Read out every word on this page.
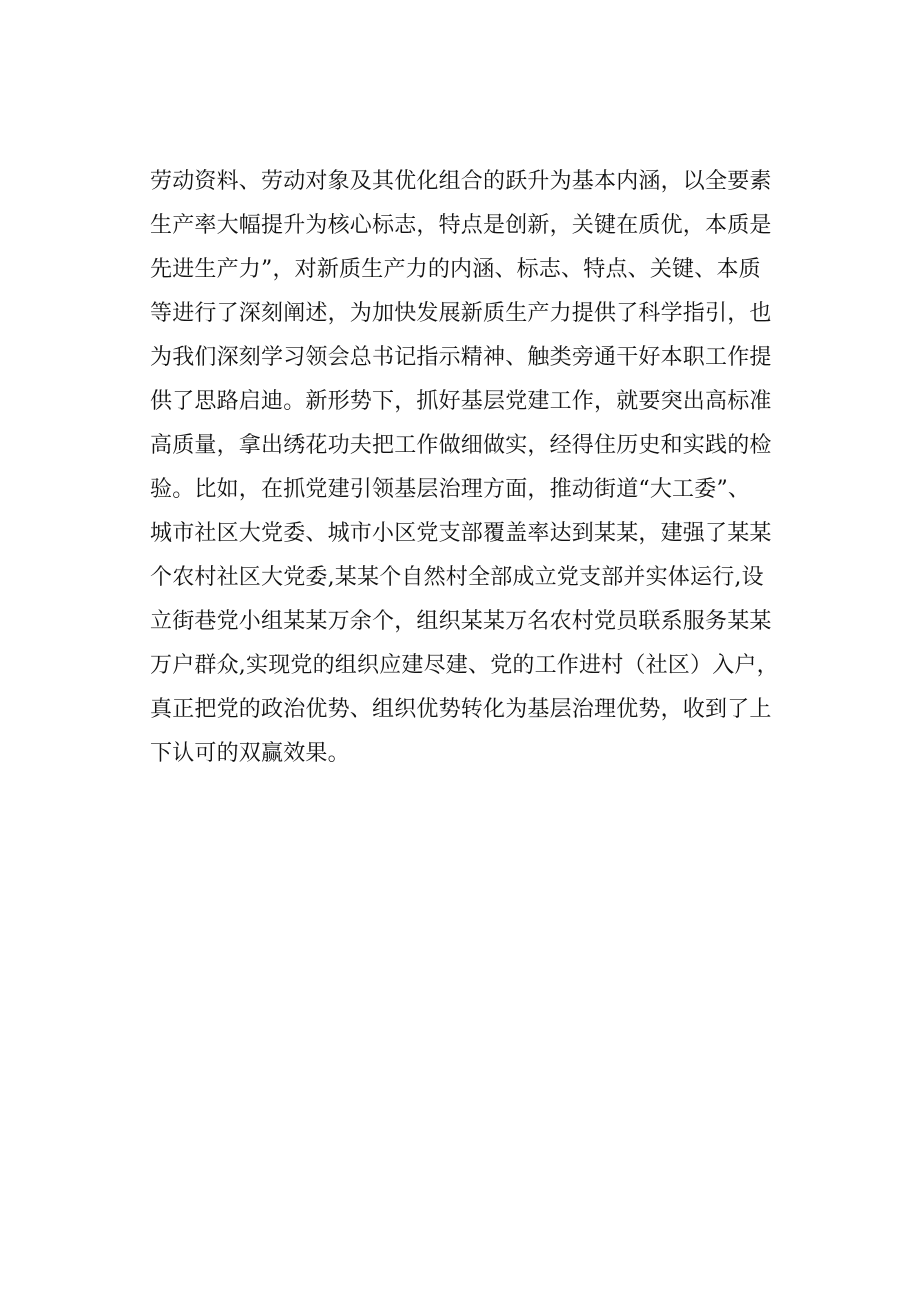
劳动资料、劳动对象及其优化组合的跃升为基本内涵，以全要素
生产率大幅提升为核心标志，特点是创新，关键在质优，本质是
先进生产力”，对新质生产力的内涵、标志、特点、关键、本质
等进行了深刻阐述，为加快发展新质生产力提供了科学指引，也
为我们深刻学习领会总书记指示精神、触类旁通干好本职工作提
供了思路启迪。新形势下，抓好基层党建工作，就要突出高标准
高质量，拿出绣花功夫把工作做细做实，经得住历史和实践的检
验。比如，在抓党建引领基层治理方面，推动街道“大工委”、
城市社区大党委、城市小区党支部覆盖率达到某某，建强了某某
个农村社区大党委,某某个自然村全部成立党支部并实体运行,设
立街巷党小组某某万余个，组织某某万名农村党员联系服务某某
万户群众,实现党的组织应建尽建、党的工作进村（社区）入户，
真正把党的政治优势、组织优势转化为基层治理优势，收到了上
下认可的双赢效果。
